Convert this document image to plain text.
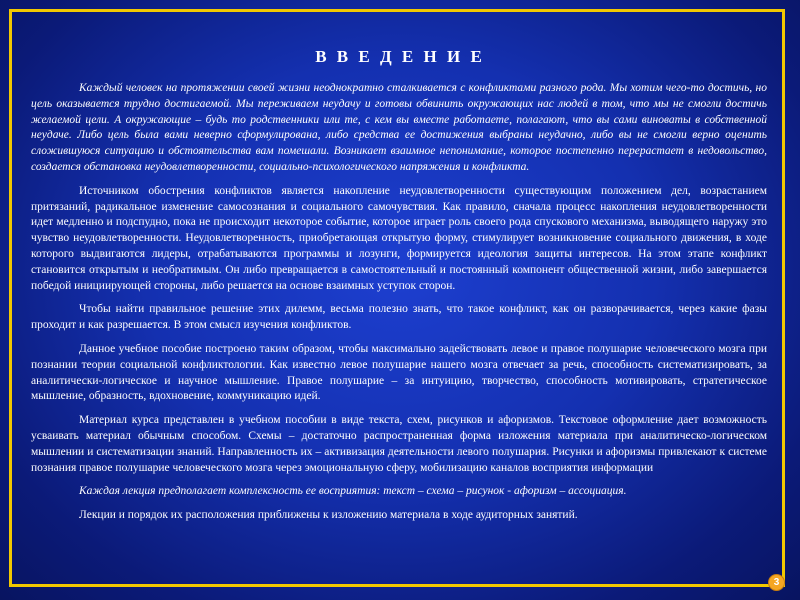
В В Е Д Е Н И Е

Каждый человек на протяжении своей жизни неоднократно сталкивается с конфликтами разного рода. Мы хотим чего-то достичь, но цель оказывается трудно достигаемой. Мы переживаем неудачу и готовы обвинить окружающих нас людей в том, что мы не смогли достичь желаемой цели. А окружающие – будь то родственники или те, с кем вы вместе работаете, полагают, что вы сами виноваты в собственной неудаче. Либо цель была вами неверно сформулирована, либо средства ее достижения выбраны неудачно, либо вы не смогли верно оценить сложившуюся ситуацию и обстоятельства вам помешали. Возникает взаимное непонимание, которое постепенно перерастает в недовольство, создается обстановка неудовлетворенности, социально-психологического напряжения и конфликта.

Источником обострения конфликтов является накопление неудовлетворенности существующим положением дел, возрастанием притязаний, радикальное изменение самосознания и социального самочувствия. Как правило, сначала процесс накопления неудовлетворенности идет медленно и подспудно, пока не происходит некоторое событие, которое играет роль своего рода спускового механизма, выводящего наружу это чувство неудовлетворенности. Неудовлетворенность, приобретающая открытую форму, стимулирует возникновение социального движения, в ходе которого выдвигаются лидеры, отрабатываются программы и лозунги, формируется идеология защиты интересов. На этом этапе конфликт становится открытым и необратимым. Он либо превращается в самостоятельный и постоянный компонент общественной жизни, либо завершается победой инициирующей стороны, либо решается на основе взаимных уступок сторон.

Чтобы найти правильное решение этих дилемм, весьма полезно знать, что такое конфликт, как он разворачивается, через какие фазы проходит и как разрешается. В этом смысл изучения конфликтов.

Данное учебное пособие построено таким образом, чтобы максимально задействовать левое и правое полушарие человеческого мозга при познании теории социальной конфликтологии. Как известно левое полушарие нашего мозга отвечает за речь, способность систематизировать, за аналитически-логическое и научное мышление. Правое полушарие – за интуицию, творчество, способность мотивировать, стратегическое мышление, образность, вдохновение, коммуникацию идей.

Материал курса представлен в учебном пособии в виде текста, схем, рисунков и афоризмов. Текстовое оформление дает возможность усваивать материал обычным способом. Схемы – достаточно распространенная форма изложения материала при аналитическо-логическом мышлении и систематизации знаний. Направленность их – активизация деятельности левого полушария. Рисунки и афоризмы привлекают к системе познания правое полушарие человеческого мозга через эмоциональную сферу, мобилизацию каналов восприятия информации

Каждая лекция предполагает комплексность ее восприятия: текст – схема – рисунок - афоризм – ассоциация.

Лекции и порядок их расположения приближены к изложению материала в ходе аудиторных занятий.

3
